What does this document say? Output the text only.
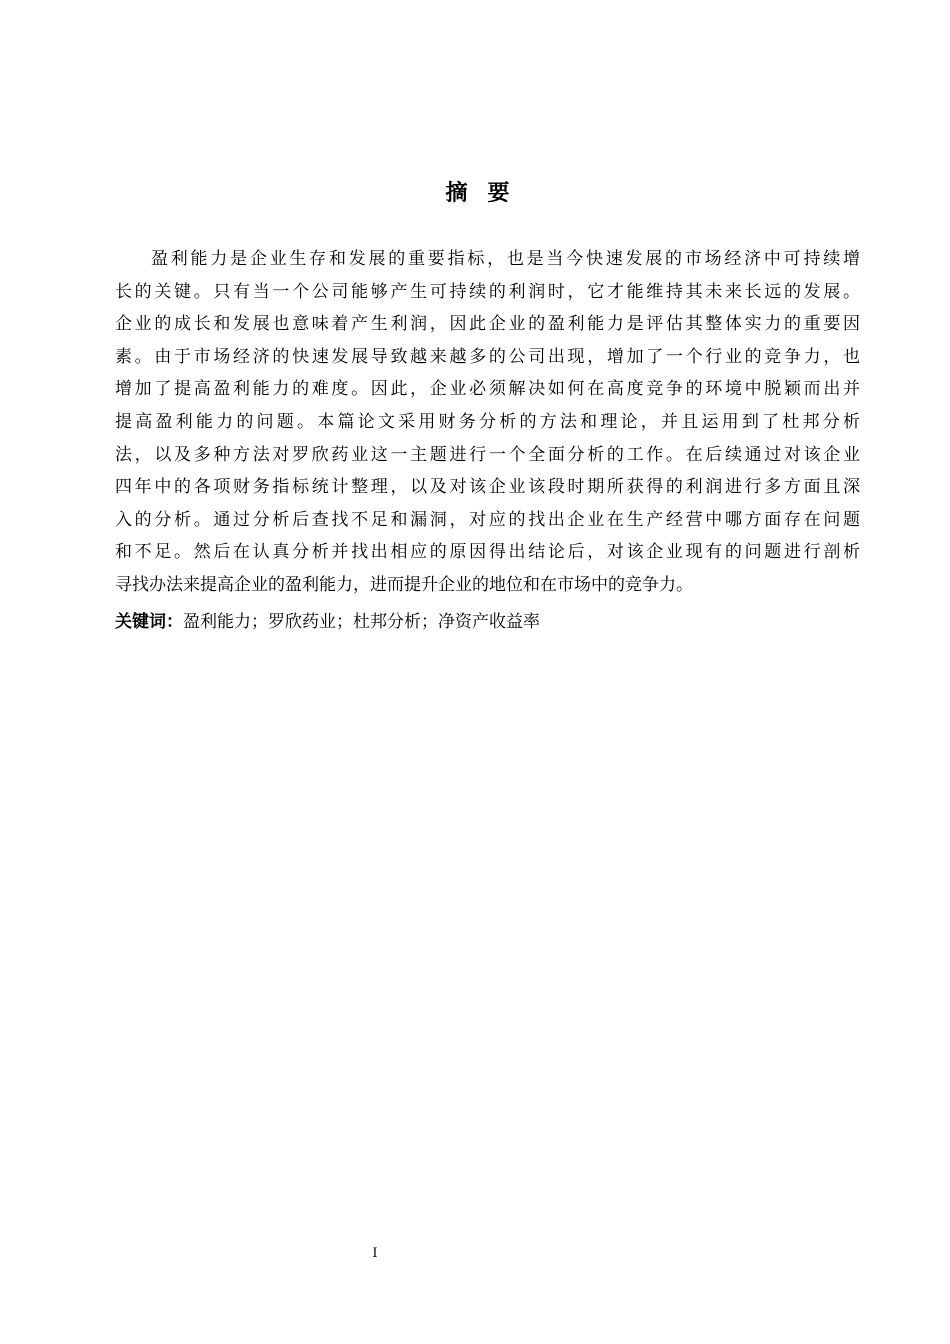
摘要
盈利能力是企业生存和发展的重要指标，也是当今快速发展的市场经济中可持续增
长的关键。只有当一个公司能够产生可持续的利润时，它才能维持其未来长远的发展。
企业的成长和发展也意味着产生利润，因此企业的盈利能力是评估其整体实力的重要因
素。由于市场经济的快速发展导致越来越多的公司出现，增加了一个行业的竞争力，也
增加了提高盈利能力的难度。因此，企业必须解决如何在高度竞争的环境中脱颖而出并
提高盈利能力的问题。本篇论文采用财务分析的方法和理论，并且运用到了杜邦分析
法，以及多种方法对罗欣药业这一主题进行一个全面分析的工作。在后续通过对该企业
四年中的各项财务指标统计整理，以及对该企业该段时期所获得的利润进行多方面且深
入的分析。通过分析后查找不足和漏洞，对应的找出企业在生产经营中哪方面存在问题
和不足。然后在认真分析并找出相应的原因得出结论后，对该企业现有的问题进行剖析
寻找办法来提高企业的盈利能力，进而提升企业的地位和在市场中的竞争力。
关键词：盈利能力；罗欣药业；杜邦分析；净资产收益率
I
